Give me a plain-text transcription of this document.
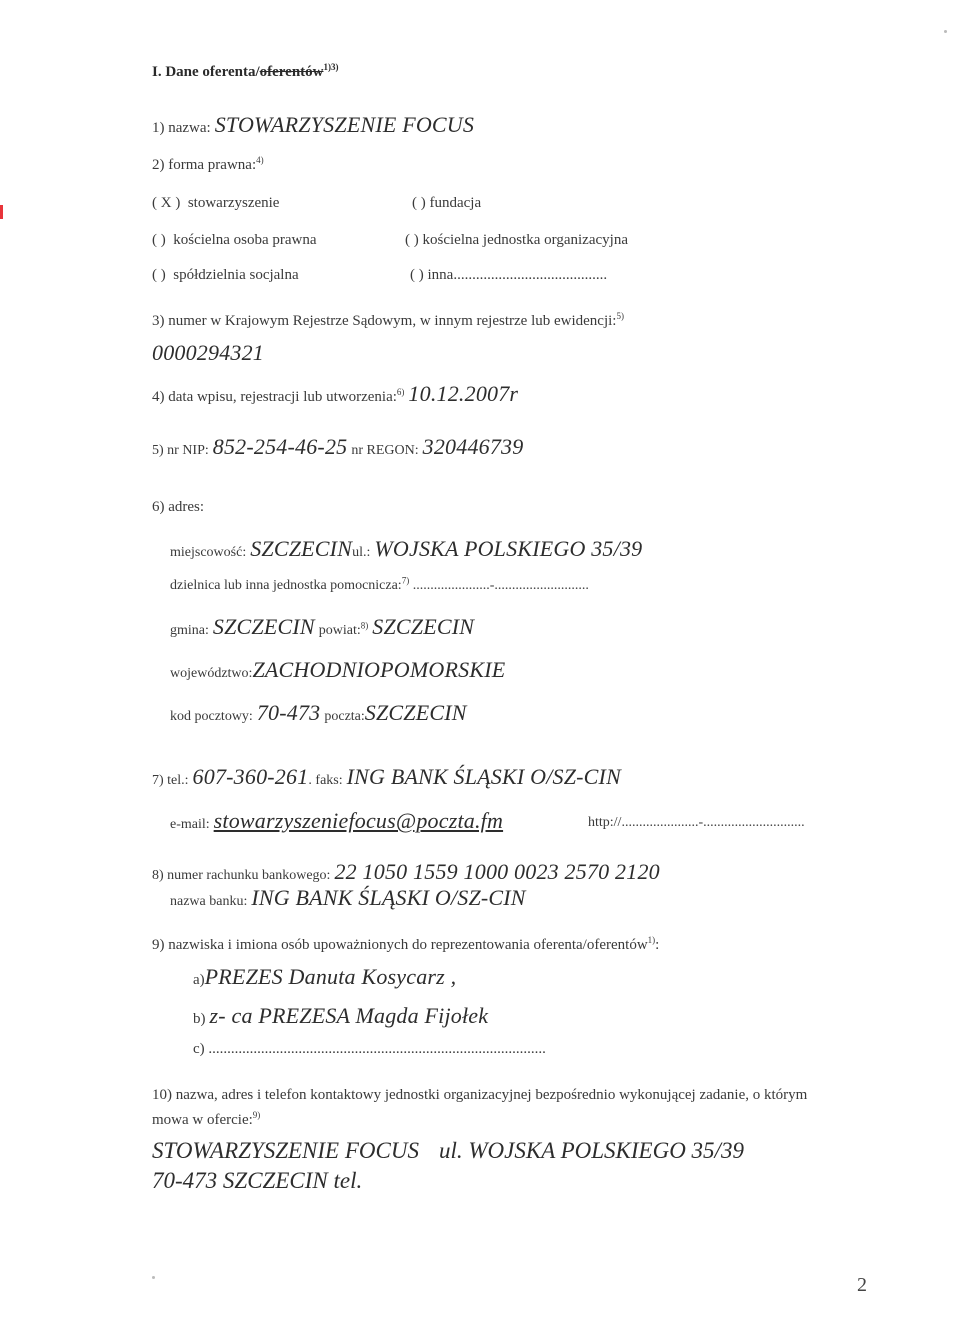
I. Dane oferenta/oferentów$^{1)3)}$
1) nazwa: STOWARZYSZENIE FOCUS
2) forma prawna:$^{4)}$
( X ) stowarzyszenie	( ) fundacja
( ) kościelna osoba prawna	( ) kościelna jednostka organizacyjna
( ) spółdzielnia socjalna	( ) inna.........................................
3) numer w Krajowym Rejestrze Sądowym, w innym rejestrze lub ewidencji:$^{5)}$
0000294321
4) data wpisu, rejestracji lub utworzenia:$^{6)}$ 10.12.2007r
5) nr NIP: 852-254-46-25 nr REGON: 320446739
6) adres:
miejscowość: SZCZECINul.: WOJSKA POLSKIEGO 35/39
dzielnica lub inna jednostka pomocnicza:$^{7)}$ ......................-...........................
gmina: SZCZECIN powiat:$^{8)}$ SZCZECIN
województwo:ZACHODNIOPOMORSKIE
kod pocztowy: 70-473 poczta:SZCZECIN
7) tel.: 607-360-261. faks: ING BANK ŚLĄSKI O/SZ-CIN
e-mail: stowarzyszeniefocus@poczta.fm	http://......................-.............................
8) numer rachunku bankowego: 22 1050 1559 1000 0023 2570 2120
nazwa banku: ING BANK ŚLĄSKI O/SZ-CIN
9) nazwiska i imiona osób upoważnionych do reprezentowania oferenta/oferentów$^{1)}$:
a)PREZES Danuta Kosycarz ,
b) z- ca PREZESA Magda Fijołek
c) ..........................................................................................
10) nazwa, adres i telefon kontaktowy jednostki organizacyjnej bezpośrednio wykonującej zadanie, o którym
mowa w ofercie:$^{9)}$
STOWARZYSZENIE FOCUS ul. WOJSKA POLSKIEGO 35/39
70-473 SZCZECIN tel.
2
